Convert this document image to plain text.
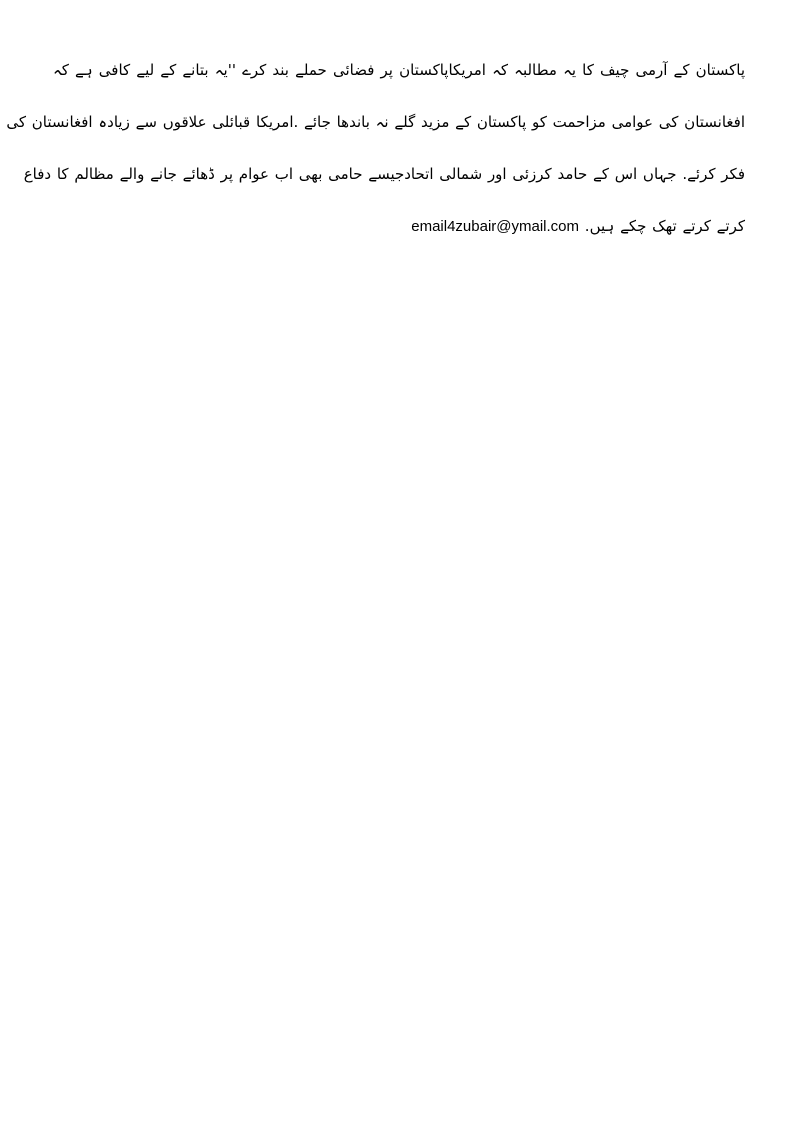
پاکستان کے آرمی چیف کا یہ مطالبہ کہ امریکاپاکستان پر فضائی حملے بند کرے ''یہ بتانے کے لیے کافی ہے کہ
افغانستان کی عوامی مزاحمت کو پاکستان کے مزید گلے نہ باندھا جائے .امریکا قبائلی علاقوں سے زیادہ افغانستان کی
فکر کرئے. جہاں اس کے حامد کرزئی اور شمالی اتحادجیسے حامی بھی اب عوام پر ڈھائے جانے والے مظالم کا دفاع
کرتے کرتے تھک چکے ہیں. email4zubair@ymail.com
